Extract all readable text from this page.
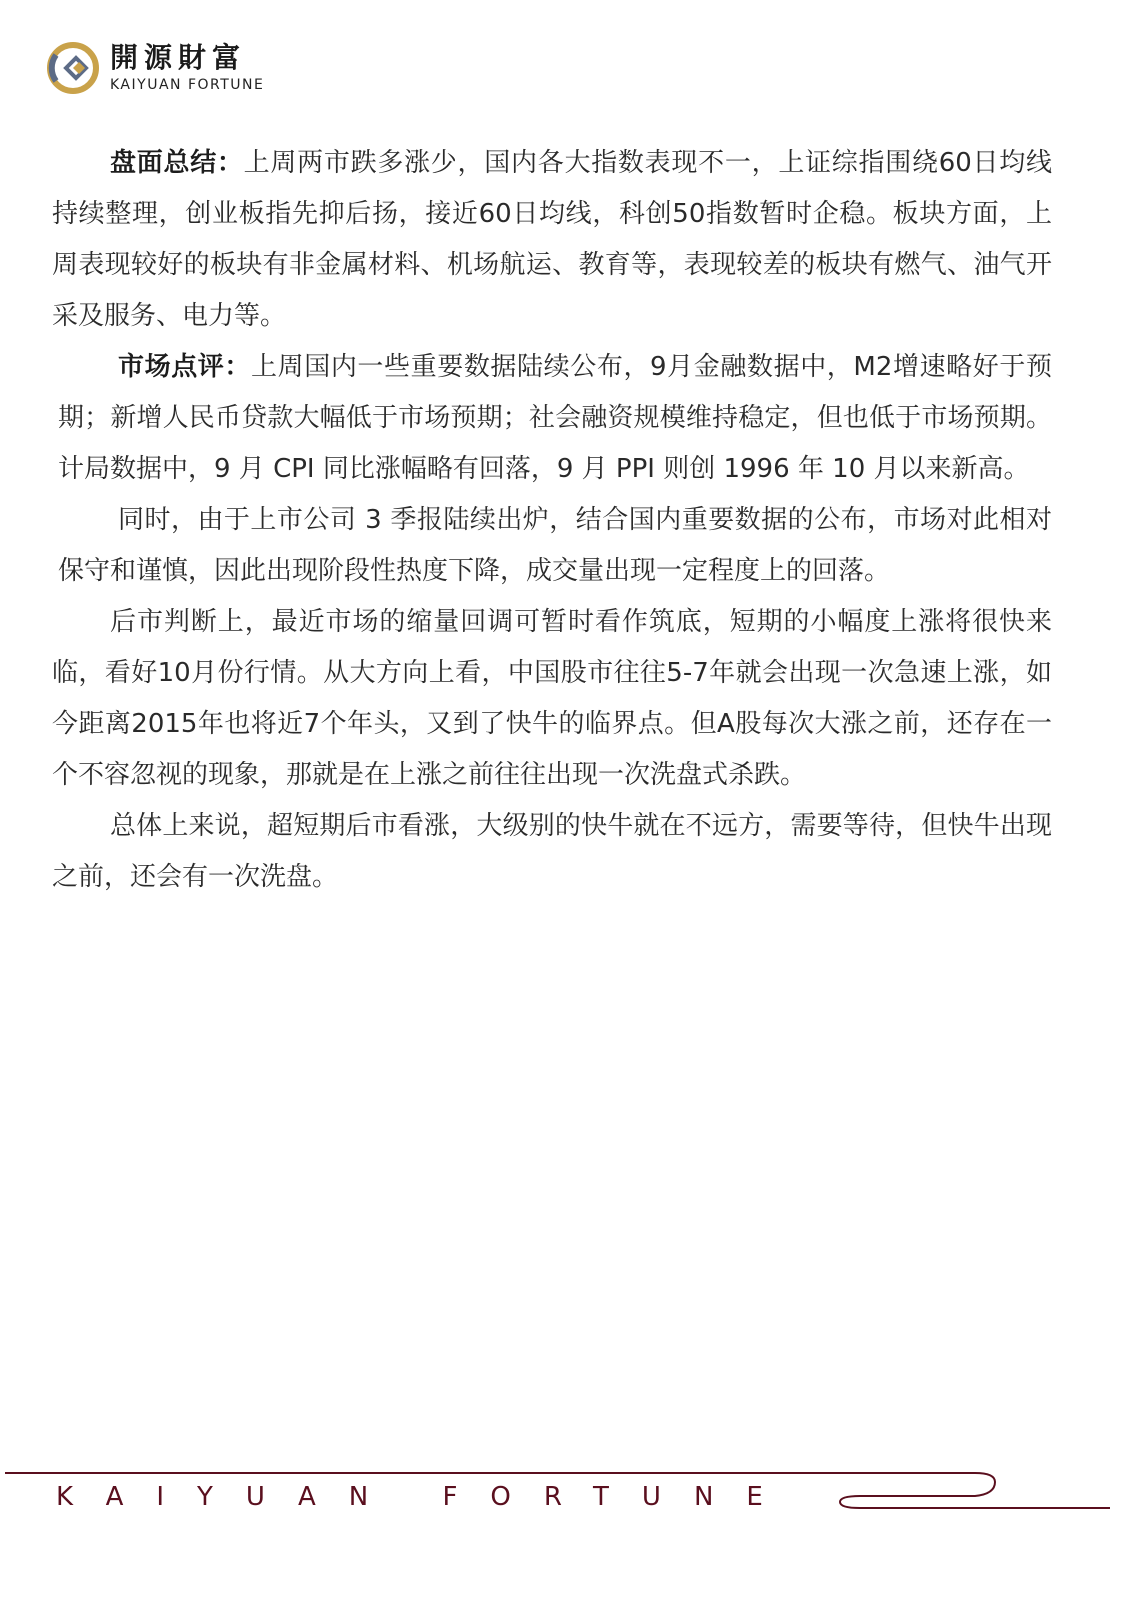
開源財富
KAIYUAN FORTUNE

盘面总结：上周两市跌多涨少，国内各大指数表现不一，上证综指围绕60日均线持续整理，创业板指先抑后扬，接近60日均线，科创50指数暂时企稳。板块方面，上周表现较好的板块有非金属材料、机场航运、教育等，表现较差的板块有燃气、油气开采及服务、电力等。

市场点评：上周国内一些重要数据陆续公布，9月金融数据中，M2增速略好于预期；新增人民币贷款大幅低于市场预期；社会融资规模维持稳定，但也低于市场预期。计局数据中，9 月 CPI 同比涨幅略有回落，9 月 PPI 则创 1996 年 10 月以来新高。

同时，由于上市公司 3 季报陆续出炉，结合国内重要数据的公布，市场对此相对保守和谨慎，因此出现阶段性热度下降，成交量出现一定程度上的回落。

后市判断上，最近市场的缩量回调可暂时看作筑底，短期的小幅度上涨将很快来临，看好10月份行情。从大方向上看，中国股市往往5-7年就会出现一次急速上涨，如今距离2015年也将近7个年头，又到了快牛的临界点。但A股每次大涨之前，还存在一个不容忽视的现象，那就是在上涨之前往往出现一次洗盘式杀跌。

总体上来说，超短期后市看涨，大级别的快牛就在不远方，需要等待，但快牛出现之前，还会有一次洗盘。

KAIYUAN FORTUNE
